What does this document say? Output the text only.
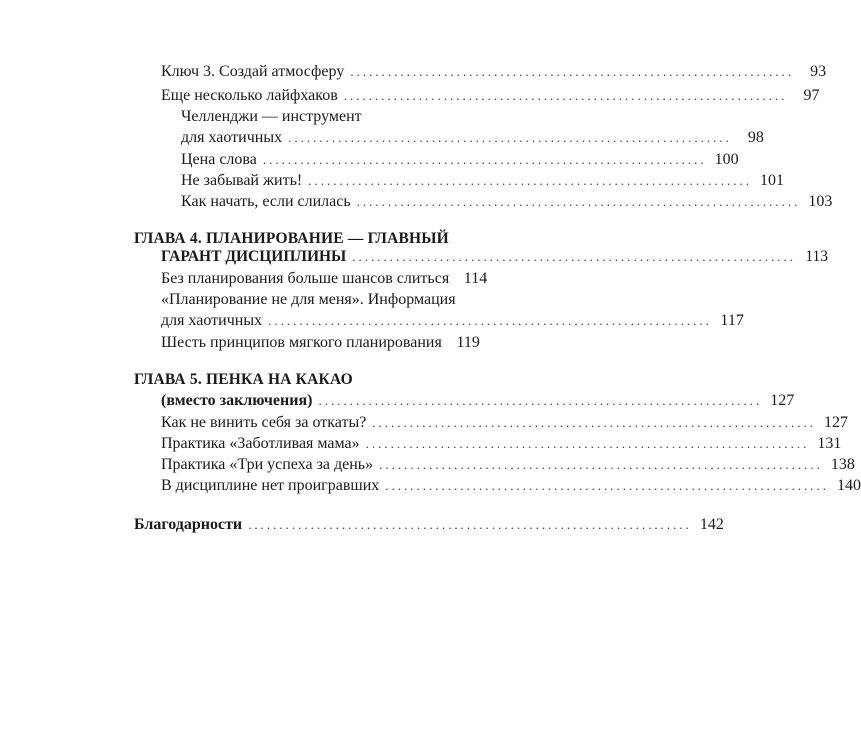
Ключ 3. Создай атмосферу .......................................................................	93
Еще несколько лайфхаков .......................................................................	97
Челленджи — инструмент
для хаотичных .......................................................................	98
Цена слова ....................................................................... 100
Не забывай жить! ....................................................................... 101
Как начать, если слилась ....................................................................... 103
ГЛАВА 4. ПЛАНИРОВАНИЕ — ГЛАВНЫЙ
ГАРАНТ ДИСЦИПЛИНЫ ....................................................................... 113
Без планирования больше шансов слиться 114
«Планирование не для меня». Информация
для хаотичных ....................................................................... 117
Шесть принципов мягкого планирования 119
ГЛАВА 5. ПЕНКА НА КАКАО
(вместо заключения) ....................................................................... 127
Как не винить себя за откаты? ....................................................................... 127
Практика «Заботливая мама» ....................................................................... 131
Практика «Три успеха за день» ....................................................................... 138
В дисциплине нет проигравших ....................................................................... 140
Благодарности ....................................................................... 142
